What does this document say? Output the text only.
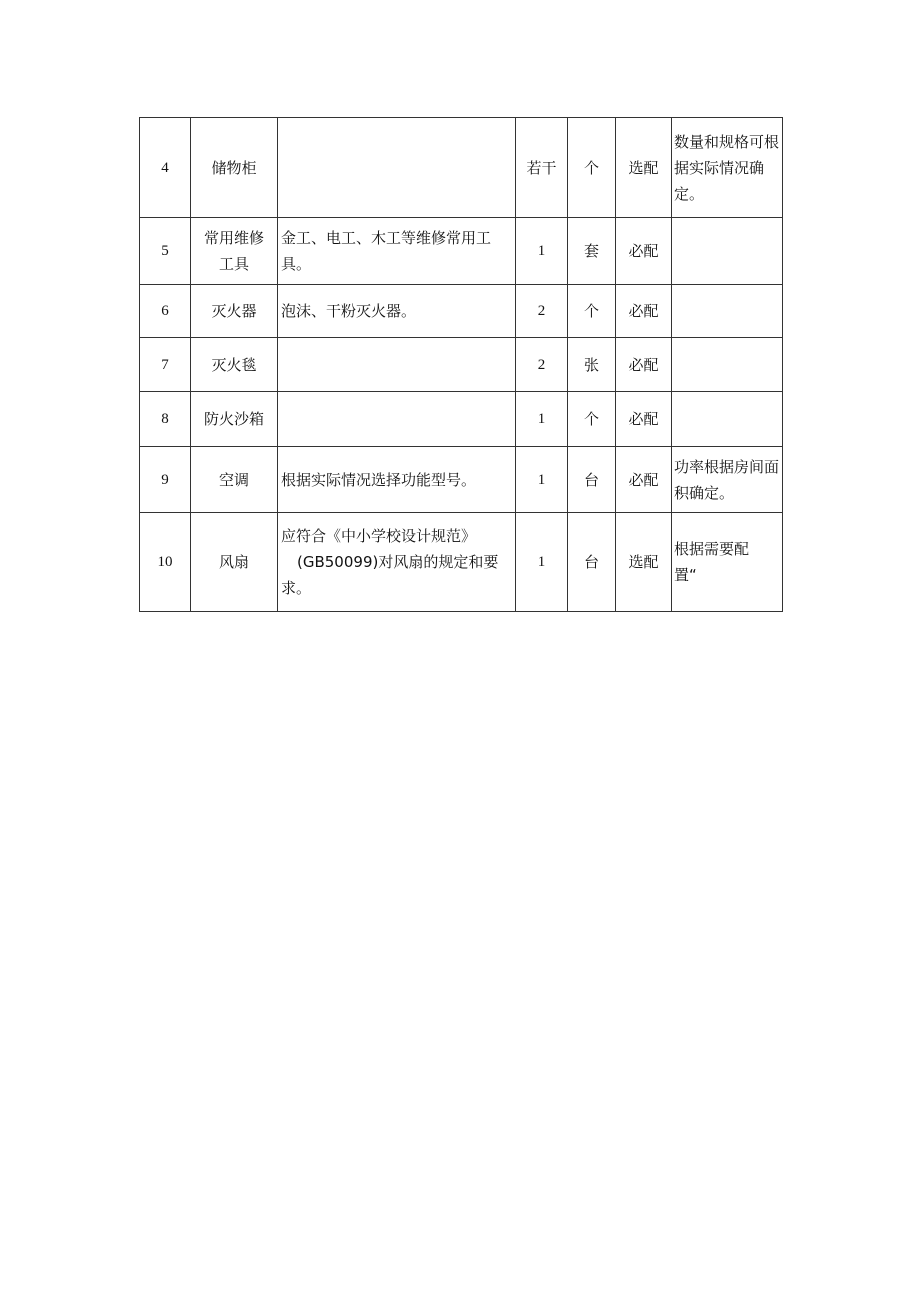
4	储物柜		若干	个	选配	数量和规格可根
据实际情况确
定。

5	常用维修
工具	金工、电工、木工等维修常用工
具。	1	套	必配	
6	灭火器	泡沫、干粉灭火器。	2	个	必配	
7	灭火毯		2	张	必配	
8	防火沙箱		1	个	必配	
9	空调	根据实际情况选择功能型号。	1	台	必配	功率根据房间面
积确定。

10	风扇	应符合《中小学校设计规范》
(GB50099)对风扇的规定和要
求。	1	台	选配	根据需要配
置“
